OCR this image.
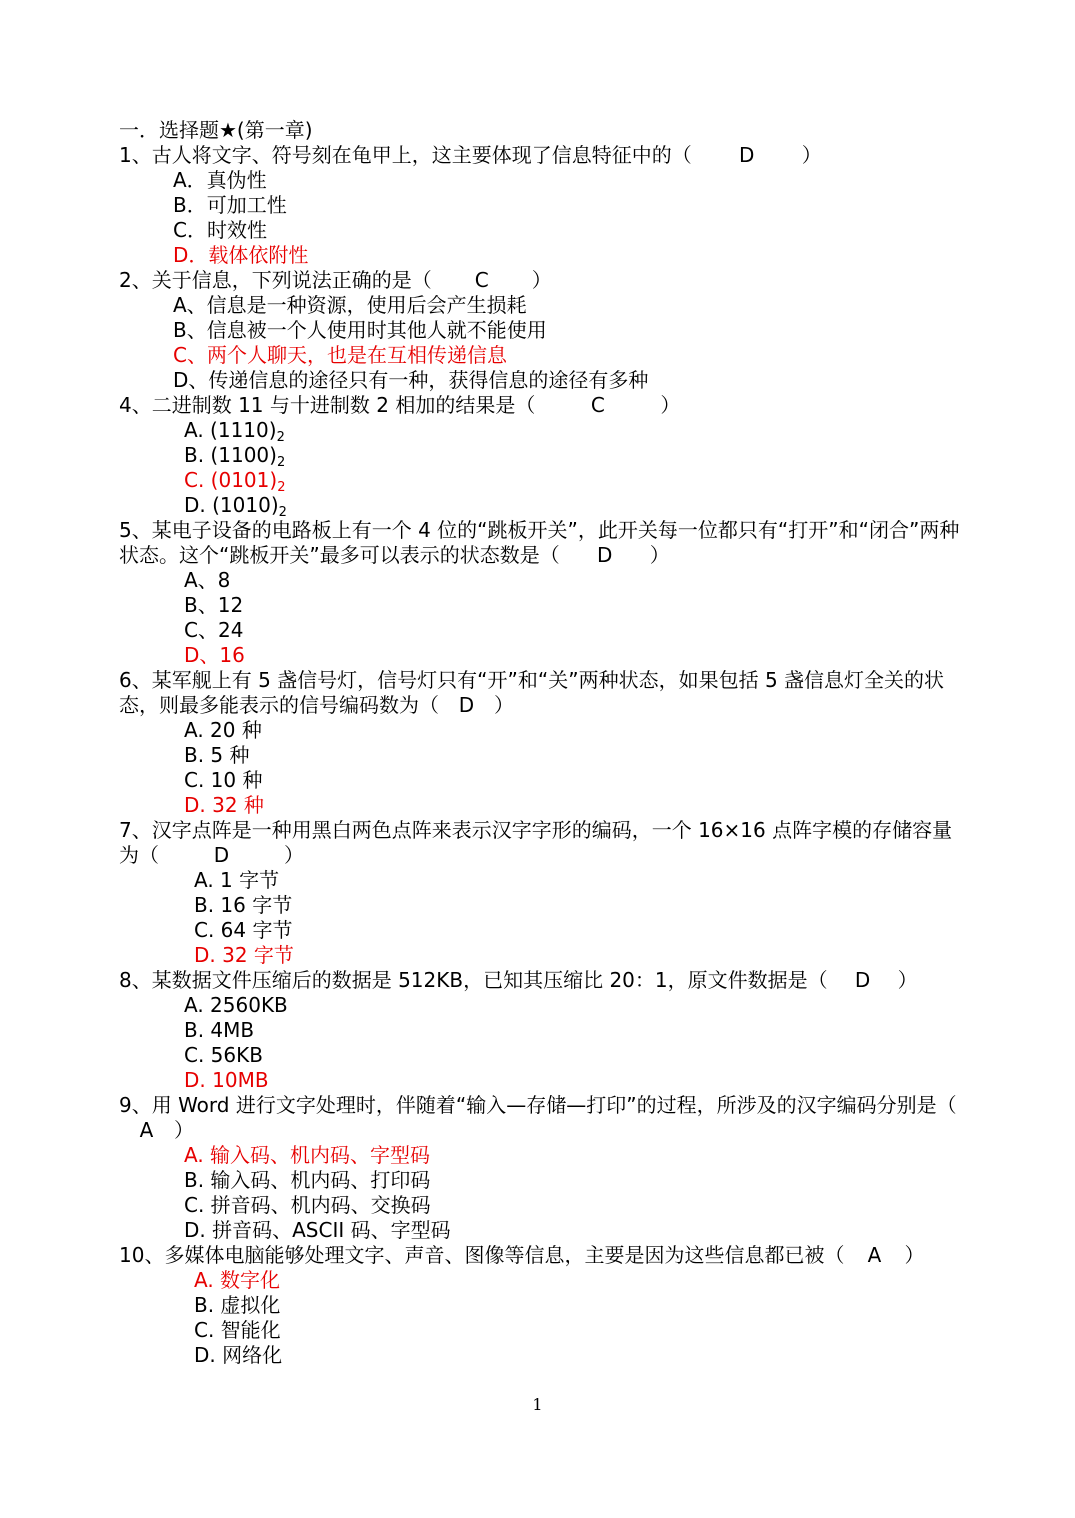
一．选择题★(第一章)
1、古人将文字、符号刻在龟甲上，这主要体现了信息特征中的（ D ）
A．真伪性
B．可加工性
C．时效性
D．载体依附性
2、关于信息，下列说法正确的是（ C ）
A、信息是一种资源，使用后会产生损耗
B、信息被一个人使用时其他人就不能使用
C、两个人聊天，也是在互相传递信息
D、传递信息的途径只有一种，获得信息的途径有多种
4、二进制数 11 与十进制数 2 相加的结果是（	C	）
A. $(1110)_2$
B. $(1100)_2$
C. $(0101)_2$
D. $(1010)_2$
5、某电子设备的电路板上有一个 4 位的“跳板开关”，此开关每一位都只有“打开”和“闭合”两种状态。这个“跳板开关”最多可以表示的状态数是（ D ）
A、8
B、12
C、24
D、16
6、某军舰上有 5 盏信号灯，信号灯只有“开”和“关”两种状态，如果包括 5 盏信息灯全关的状态，则最多能表示的信号编码数为（ D ）
A. 20 种
B. 5 种
C. 10 种
D. 32 种
7、汉字点阵是一种用黑白两色点阵来表示汉字字形的编码，一个 16×16 点阵字模的存储容量为（	D	）
A. 1 字节
B. 16 字节
C. 64 字节
D. 32 字节
8、某数据文件压缩后的数据是 512KB，已知其压缩比 20：1，原文件数据是（ D ）
A. 2560KB
B. 4MB
C. 56KB
D. 10MB
9、用 Word 进行文字处理时，伴随着“输入—存储—打印”的过程，所涉及的汉字编码分别是（A ）
A. 输入码、机内码、字型码
B. 输入码、机内码、打印码
C. 拼音码、机内码、交换码
D. 拼音码、ASCII 码、字型码
10、多媒体电脑能够处理文字、声音、图像等信息，主要是因为这些信息都已被（ A ）
A. 数字化
B. 虚拟化
C. 智能化
D. 网络化
1
